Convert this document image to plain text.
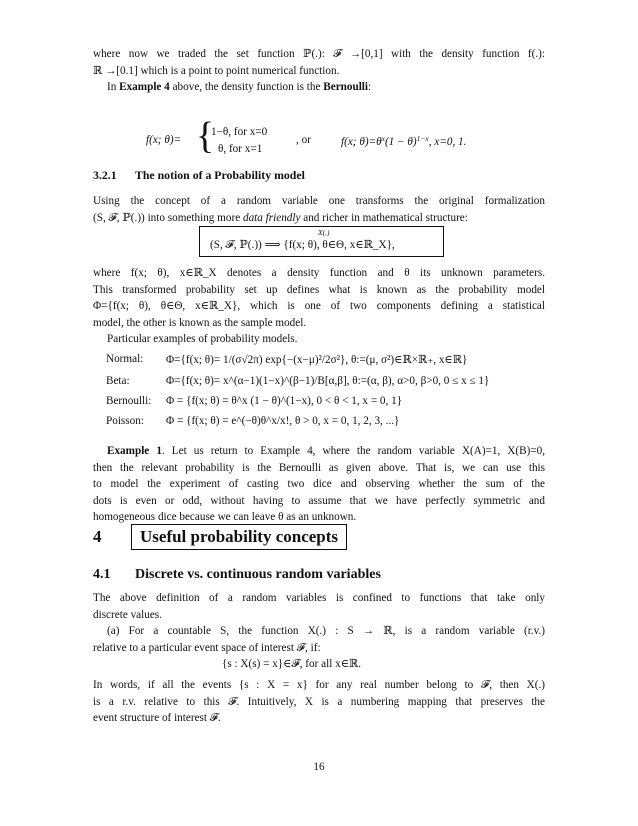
where now we traded the set function ℙ(.): 𝓕 →[0,1] with the density function f(.):
ℝ →[0.1] which is a point to point numerical function.
In Example 4 above, the density function is the Bernoulli:
f(x; θ)= {
1−θ, for x=0
θ, for x=1
, or	f(x; $\theta)=\theta^x(1 - \theta)^{1-x}$, x=0, 1.
3.2.1 The notion of a Probability model
Using the concept of a random variable one transforms the original formalization
(S, 𝓕, ℙ(.)) into something more data friendly and richer in mathematical structure:
X(.)
(S, 𝓕, ℙ(.)) ⟹ {f(x; θ), θ∈Θ, x∈ℝ_X},
where f(x; θ), x∈ℝ_X denotes a density function and θ its unknown parameters.
This transformed probability set up defines what is known as the probability model
Φ={f(x; θ), θ∈Θ, x∈ℝ_X}, which is one of two components defining a statistical
model, the other is known as the sample model.
Particular examples of probability models.
Normal:	Φ={f(x; θ)= 1/(σ√2π) exp{−(x−μ)²/2σ²}, θ:=(μ, σ²)∈ℝ×ℝ₊, x∈ℝ}
Beta:	Φ={f(x; θ)= x^(α−1)(1−x)^(β−1)/B[α,β], θ:=(α, β), α>0, β>0, 0 ≤ x ≤ 1}
Bernoulli:	Φ = {f(x; θ) = θ^x (1 − θ)^(1−x), 0 < θ < 1, x = 0, 1}
Poisson:	Φ = {f(x; θ) = e^(−θ)θ^x/x!, θ > 0, x = 0, 1, 2, 3, ...}
Example 1. Let us return to Example 4, where the random variable X(A)=1, X(B)=0,
then the relevant probability is the Bernoulli as given above. That is, we can use this
to model the experiment of casting two dice and observing whether the sum of the
dots is even or odd, without having to assume that we have perfectly symmetric and
homogeneous dice because we can leave θ as an unknown.
4 Useful probability concepts
4.1 Discrete vs. continuous random variables
The above definition of a random variables is confined to functions that take only
discrete values.
(a) For a countable S, the function X(.) : S → ℝ, is a random variable (r.v.)
relative to a particular event space of interest 𝓕, if:
{s : X(s) = x}∈𝓕, for all x∈ℝ.
In words, if all the events {s : X = x} for any real number belong to 𝓕, then X(.)
is a r.v. relative to this 𝓕. Intuitively, X is a numbering mapping that preserves the
event structure of interest 𝓕.
16
